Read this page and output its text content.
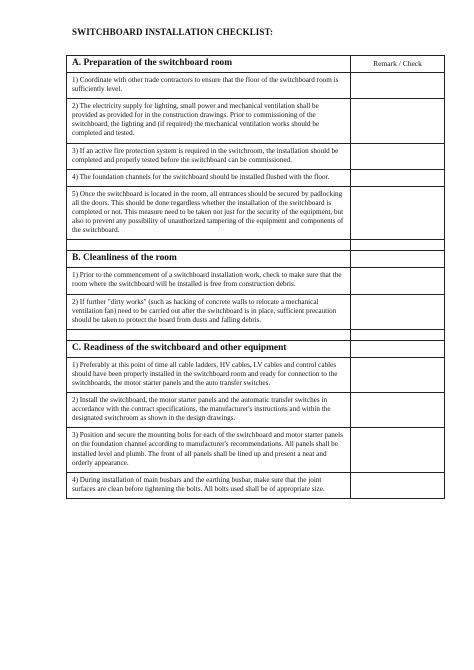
SWITCHBOARD INSTALLATION CHECKLIST:
A. Preparation of the switchboard room	Remark / Check

1) Coordinate with other trade contractors to ensure that the floor of the switchboard room is sufficiently level.	

2) The electricity supply for lighting, small power and mechanical ventilation shall be provided as provided for in the construction drawings. Prior to commissioning of the switchboard, the lighting and (if required) the mechanical ventilation works should be completed and tested.	

3) If an active fire protection system is required in the switchroom, the installation should be completed and properly tested before the switchboard can be commissioned.	

4) The foundation channels for the switchboard should be installed flushed with the floor.	

5) Once the switchboard is located in the room, all entrances should be secured by padlocking all the doors. This should be done regardless whether the installation of the switchboard is completed or not. This measure need to be taken not just for the security of the equipment, but also to prevent any possibility of unauthorized tampering of the equipment and components of the switchboard.	

B. Cleanliness of the room	

1) Prior to the commencement of a switchboard installation work, check to make sure that the room where the switchboard will be installed is free from construction debris.	

2) If further "dirty works" (such as hacking of concrete walls to relocate a mechanical ventilation fan) need to be carried out after the switchboard is in place, sufficient precaution should be taken to protect the board from dusts and falling debris.	

C. Readiness of the switchboard and other equipment	

1) Preferably at this point of time all cable ladders, HV cables, LV cables and control cables should have been properly installed in the switchboard room and ready for connection to the switchboards, the motor starter panels and the auto transfer switches.	

2) Install the switchboard, the motor starter panels and the automatic transfer switches in accordance with the contract specifications, the manufacturer's instructions and within the designated switchroom as shown in the design drawings.	

3) Position and secure the mounting bolts for each of the switchboard and motor starter panels on the foundation channel according to manufacturer's recommendations. All panels shall be installed level and plumb. The front of all panels shall be lined up and present a neat and orderly appearance.	

4) During installation of main busbars and the earthing busbar, make sure that the joint surfaces are clean before tightening the bolts. All bolts used shall be of appropriate size.	
